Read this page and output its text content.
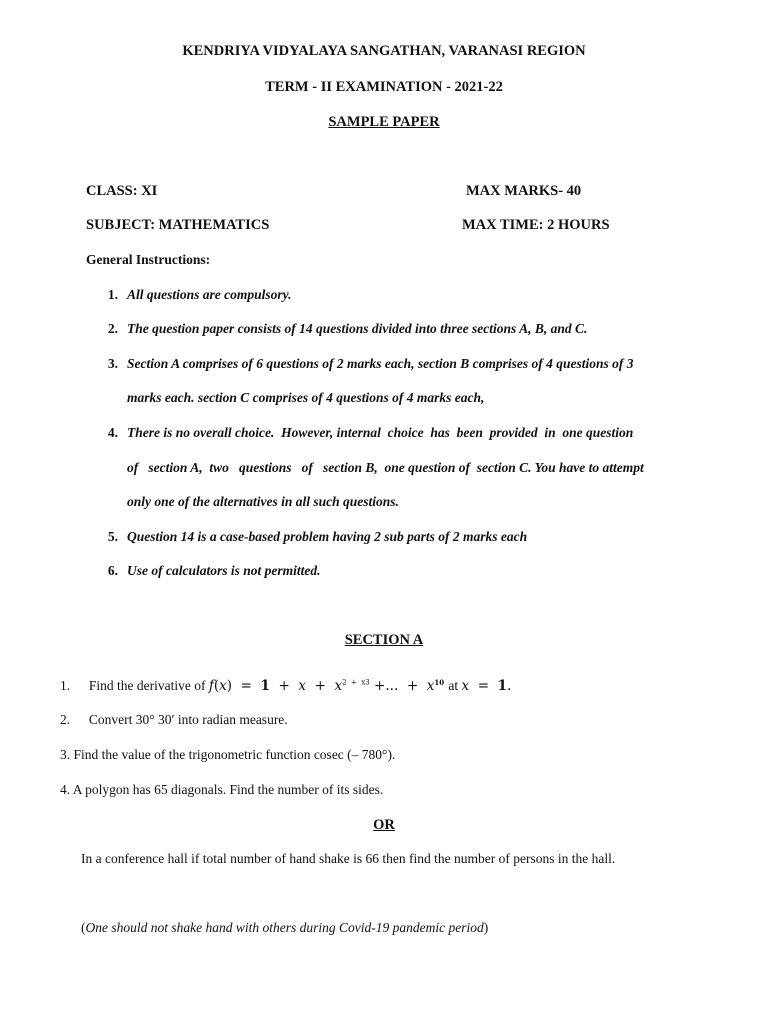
KENDRIYA VIDYALAYA SANGATHAN, VARANASI REGION
TERM - II EXAMINATION - 2021-22
SAMPLE PAPER
CLASS: XI	MAX MARKS- 40
SUBJECT: MATHEMATICS	MAX TIME: 2 HOURS
General Instructions:
1. All questions are compulsory.
2. The question paper consists of 14 questions divided into three sections A, B, and C.
3. Section A comprises of 6 questions of 2 marks each, section B comprises of 4 questions of 3
marks each. section C comprises of 4 questions of 4 marks each,
4. There is no overall choice.  However, internal  choice  has  been  provided  in  one question
of   section A,  two   questions   of   section B,  one question of  section C. You have to attempt
only one of the alternatives in all such questions.
5. Question 14 is a case-based problem having 2 sub parts of 2 marks each
6. Use of calculators is not permitted.
SECTION A
1. Find the derivative of $f(x) = 1 + x + x^{2 + x3}$ +...  +  $x^{10}$ at x  =  1.
2. Convert 30° 30′ into radian measure.
3. Find the value of the trigonometric function cosec (– 780°).
4. A polygon has 65 diagonals. Find the number of its sides.
OR
In a conference hall if total number of hand shake is 66 then find the number of persons in the hall.
(One should not shake hand with others during Covid-19 pandemic period)
